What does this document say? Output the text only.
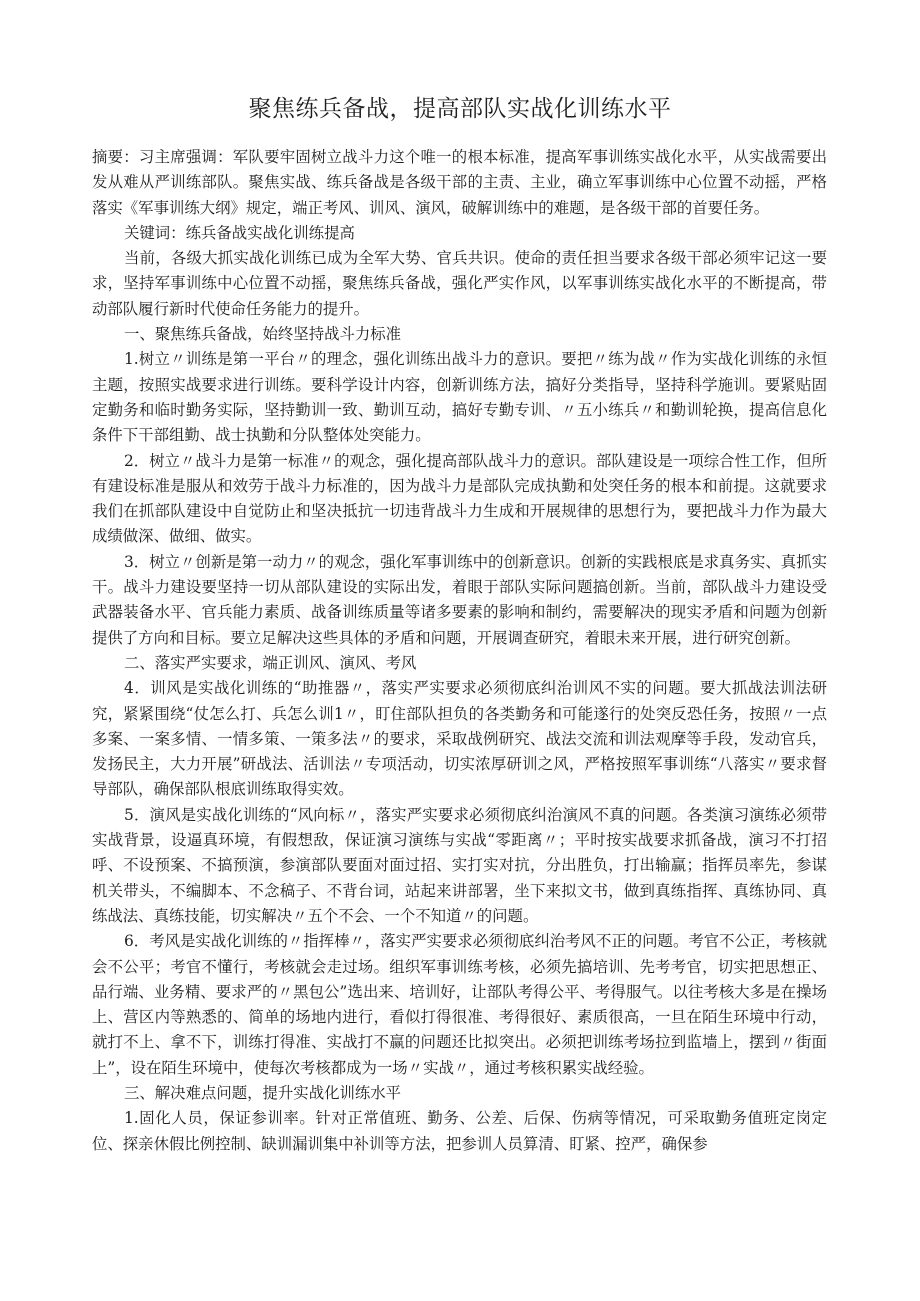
聚焦练兵备战，提高部队实战化训练水平

摘要：习主席强调：军队要牢固树立战斗力这个唯一的根本标准，提高军事训练实战化水平，从实战需要出发从难从严训练部队。聚焦实战、练兵备战是各级干部的主责、主业，确立军事训练中心位置不动摇，严格落实《军事训练大纲》规定，端正考风、训风、演风，破解训练中的难题，是各级干部的首要任务。

关键词：练兵备战实战化训练提高

当前，各级大抓实战化训练已成为全军大势、官兵共识。使命的责任担当要求各级干部必须牢记这一要求，坚持军事训练中心位置不动摇，聚焦练兵备战，强化严实作风，以军事训练实战化水平的不断提高，带动部队履行新时代使命任务能力的提升。

一、聚焦练兵备战，始终坚持战斗力标准

1.树立〃训练是第一平台〃的理念，强化训练出战斗力的意识。要把〃练为战〃作为实战化训练的永恒主题，按照实战要求进行训练。要科学设计内容，创新训练方法，搞好分类指导，坚持科学施训。要紧贴固定勤务和临时勤务实际，坚持勤训一致、勤训互动，搞好专勤专训、〃五小练兵〃和勤训轮换，提高信息化条件下干部组勤、战士执勤和分队整体处突能力。

2．树立〃战斗力是第一标准〃的观念，强化提高部队战斗力的意识。部队建设是一项综合性工作，但所有建设标准是服从和效劳于战斗力标准的，因为战斗力是部队完成执勤和处突任务的根本和前提。这就要求我们在抓部队建设中自觉防止和坚决抵抗一切违背战斗力生成和开展规律的思想行为，要把战斗力作为最大成绩做深、做细、做实。

3．树立〃创新是第一动力〃的观念，强化军事训练中的创新意识。创新的实践根底是求真务实、真抓实干。战斗力建设要坚持一切从部队建设的实际出发，着眼于部队实际问题搞创新。当前，部队战斗力建设受武器装备水平、官兵能力素质、战备训练质量等诸多要素的影响和制约，需要解决的现实矛盾和问题为创新提供了方向和目标。要立足解决这些具体的矛盾和问题，开展调查研究，着眼未来开展，进行研究创新。

二、落实严实要求，端正训风、演风、考风

4．训风是实战化训练的“助推器〃，落实严实要求必须彻底纠治训风不实的问题。要大抓战法训法研究，紧紧围绕“仗怎么打、兵怎么训1〃，盯住部队担负的各类勤务和可能遂行的处突反恐任务，按照〃一点多案、一案多情、一情多策、一策多法〃的要求，采取战例研究、战法交流和训法观摩等手段，发动官兵，发扬民主，大力开展”研战法、活训法〃专项活动，切实浓厚研训之风，严格按照军事训练“八落实〃要求督导部队，确保部队根底训练取得实效。

5．演风是实战化训练的“风向标〃，落实严实要求必须彻底纠治演风不真的问题。各类演习演练必须带实战背景，设逼真环境，有假想敌，保证演习演练与实战“零距离〃；平时按实战要求抓备战，演习不打招呼、不设预案、不搞预演，参演部队要面对面过招、实打实对抗，分出胜负，打出输赢；指挥员率先，参谋机关带头，不编脚本、不念稿子、不背台词，站起来讲部署，坐下来拟文书，做到真练指挥、真练协同、真练战法、真练技能，切实解决〃五个不会、一个不知道〃的问题。

6．考风是实战化训练的〃指挥棒〃，落实严实要求必须彻底纠治考风不正的问题。考官不公正，考核就会不公平；考官不懂行，考核就会走过场。组织军事训练考核，必须先搞培训、先考考官，切实把思想正、品行端、业务精、要求严的〃黑包公”选出来、培训好，让部队考得公平、考得服气。以往考核大多是在操场上、营区内等熟悉的、简单的场地内进行，看似打得很准、考得很好、素质很高，一旦在陌生环境中行动，就打不上、拿不下，训练打得准、实战打不赢的问题还比拟突出。必须把训练考场拉到监墙上，摆到〃街面上”，设在陌生环境中，使每次考核都成为一场〃实战〃，通过考核积累实战经验。

三、解决难点问题，提升实战化训练水平

1.固化人员，保证参训率。针对正常值班、勤务、公差、后保、伤病等情况，可采取勤务值班定岗定位、探亲休假比例控制、缺训漏训集中补训等方法，把参训人员算清、盯紧、控严，确保参
